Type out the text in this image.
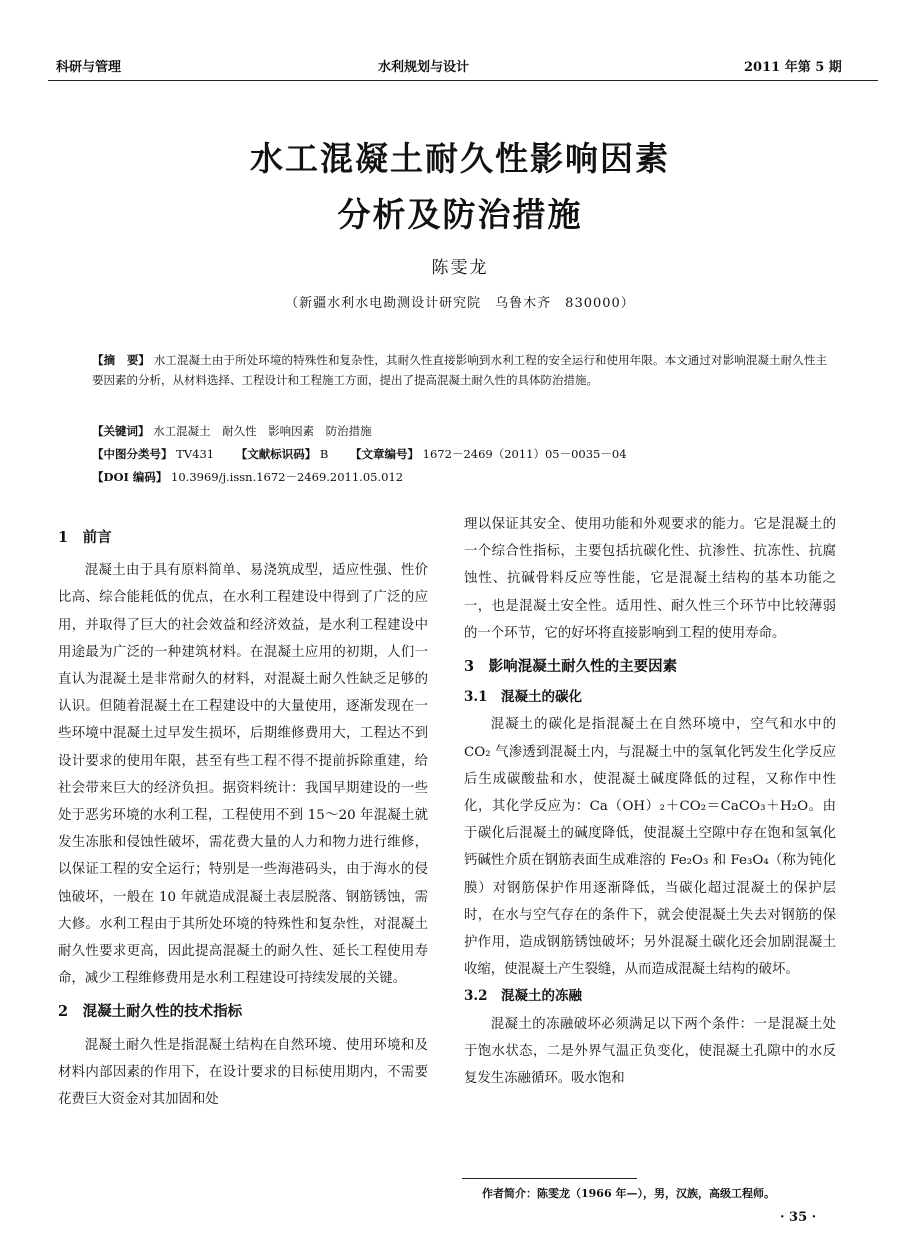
科研与管理	水利规划与设计	2011 年第 5 期
水工混凝土耐久性影响因素
分析及防治措施
陈雯龙
（新疆水利水电勘测设计研究院　乌鲁木齐　830000）
【摘　要】 水工混凝土由于所处环境的特殊性和复杂性，其耐久性直接影响到水利工程的安全运行和使用年限。本文通过对影响混凝土耐久性主要因素的分析，从材料选择、工程设计和工程施工方面，提出了提高混凝土耐久性的具体防治措施。
【关键词】 水工混凝土　耐久性　影响因素　防治措施
【中图分类号】 TV431 【文献标识码】 B 【文章编号】 1672－2469（2011）05－0035－04
【DOI 编码】 10.3969/j.issn.1672－2469.2011.05.012
1　前言

混凝土由于具有原料简单、易浇筑成型，适应性强、性价比高、综合能耗低的优点，在水利工程建设中得到了广泛的应用，并取得了巨大的社会效益和经济效益，是水利工程建设中用途最为广泛的一种建筑材料。在混凝土应用的初期，人们一直认为混凝土是非常耐久的材料，对混凝土耐久性缺乏足够的认识。但随着混凝土在工程建设中的大量使用，逐渐发现在一些环境中混凝土过早发生损坏，后期维修费用大，工程达不到设计要求的使用年限，甚至有些工程不得不提前拆除重建，给社会带来巨大的经济负担。据资料统计：我国早期建设的一些处于恶劣环境的水利工程，工程使用不到 15～20 年混凝土就发生冻胀和侵蚀性破坏，需花费大量的人力和物力进行维修，以保证工程的安全运行；特别是一些海港码头，由于海水的侵蚀破坏，一般在 10 年就造成混凝土表层脱落、钢筋锈蚀，需大修。水利工程由于其所处环境的特殊性和复杂性，对混凝土耐久性要求更高，因此提高混凝土的耐久性、延长工程使用寿命，减少工程维修费用是水利工程建设可持续发展的关键。

2　混凝土耐久性的技术指标

混凝土耐久性是指混凝土结构在自然环境、使用环境和及材料内部因素的作用下，在设计要求的目标使用期内，不需要花费巨大资金对其加固和处

理以保证其安全、使用功能和外观要求的能力。它是混凝土的一个综合性指标，主要包括抗碳化性、抗渗性、抗冻性、抗腐蚀性、抗碱骨料反应等性能，它是混凝土结构的基本功能之一，也是混凝土安全性。适用性、耐久性三个环节中比较薄弱的一个环节，它的好坏将直接影响到工程的使用寿命。

3　影响混凝土耐久性的主要因素
3.1　混凝土的碳化

混凝土的碳化是指混凝土在自然环境中，空气和水中的 CO₂ 气渗透到混凝土内，与混凝土中的氢氧化钙发生化学反应后生成碳酸盐和水，使混凝土碱度降低的过程，又称作中性化，其化学反应为：Ca（OH）₂＋CO₂＝CaCO₃＋H₂O。由于碳化后混凝土的碱度降低，使混凝土空隙中存在饱和氢氧化钙碱性介质在钢筋表面生成难溶的 Fe₂O₃ 和 Fe₃O₄（称为钝化膜）对钢筋保护作用逐渐降低，当碳化超过混凝土的保护层时，在水与空气存在的条件下，就会使混凝土失去对钢筋的保护作用，造成钢筋锈蚀破坏；另外混凝土碳化还会加剧混凝土收缩，使混凝土产生裂缝，从而造成混凝土结构的破坏。

3.2　混凝土的冻融

混凝土的冻融破坏必须满足以下两个条件：一是混凝土处于饱水状态，二是外界气温正负变化，使混凝土孔隙中的水反复发生冻融循环。吸水饱和

作者简介：陈雯龙（1966 年—），男，汉族，高级工程师。
· 35 ·
